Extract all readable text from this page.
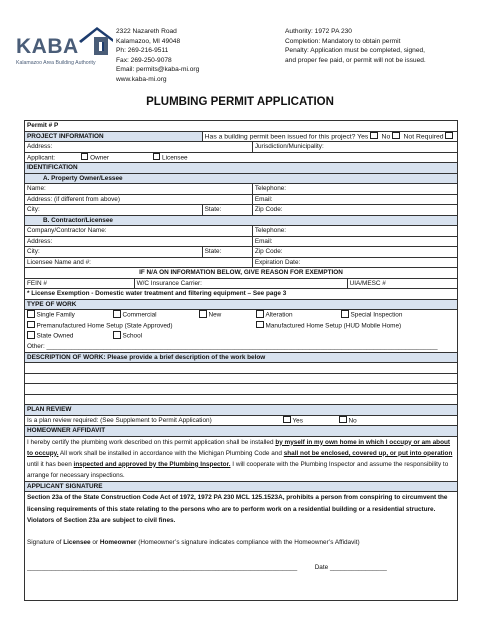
KABA
Kalamazoo Area Building Authority
2322 Nazareth Road
Kalamazoo, MI 49048
Ph: 269-216-9511
Fax: 269-250-9078
Email: permits@kaba-mi.org
www.kaba-mi.org
Authority: 1972 PA 230
Completion: Mandatory to obtain permit
Penalty: Application must be completed, signed,
and proper fee paid, or permit will not be issued.
PLUMBING PERMIT APPLICATION
Permit # P				
PROJECT INFORMATION		Has a building permit been issued for this project? Yes No Not Required		
Address:			Jurisdiction/Municipality:	
Applicant: Owner Licensee				
IDENTIFICATION				
A. Property Owner/Lessee				
Name:			Telephone:	
Address: (if different from above)			Email:	
City:		State:	Zip Code:	
B. Contractor/Licensee				
Company/Contractor Name:			Telephone:	
Address:			Email:	
City:		State:	Zip Code:	
Licensee Name and #:			Expiration Date:	
IF N/A ON INFORMATION BELOW, GIVE REASON FOR EXEMPTION				
FEIN #	W/C Insurance Carrier:			UIA/MESC #
* License Exemption - Domestic water treatment and filtering equipment – See page 3				
TYPE OF WORK				

Single Family Commercial New Alteration Special Inspection
Premanufactured Home Setup (State Approved) Manufactured Home Setup (HUD Mobile Home)
State Owned School
Other: ______________________________________________________________________________________________________________				

DESCRIPTION OF WORK: Please provide a brief description of the work below				

PLAN REVIEW				
Is a plan review required: (See Supplement to Permit Application) Yes No				
HOMEOWNER AFFIDAVIT				
I hereby certify the plumbing work described on this permit application shall be installed by myself in my own home in which I occupy or am about to occupy. All work shall be installed in accordance with the Michigan Plumbing Code and shall not be enclosed, covered up, or put into operation until it has been inspected and approved by the Plumbing Inspector. I will cooperate with the Plumbing Inspector and assume the responsibility to arrange for necessary inspections.				
APPLICANT SIGNATURE				

Section 23a of the State Construction Code Act of 1972, 1972 PA 230 MCL 125.1523A, prohibits a person from conspiring to circumvent the licensing requirements of this state relating to the persons who are to perform work on a residential building or a residential structure. Violators of Section 23a are subject to civil fines.
Signature of Licensee or Homeowner (Homeowner’s signature indicates compliance with the Homeowner’s Affidavit)
____________________________________________________________________________ Date ________________				
